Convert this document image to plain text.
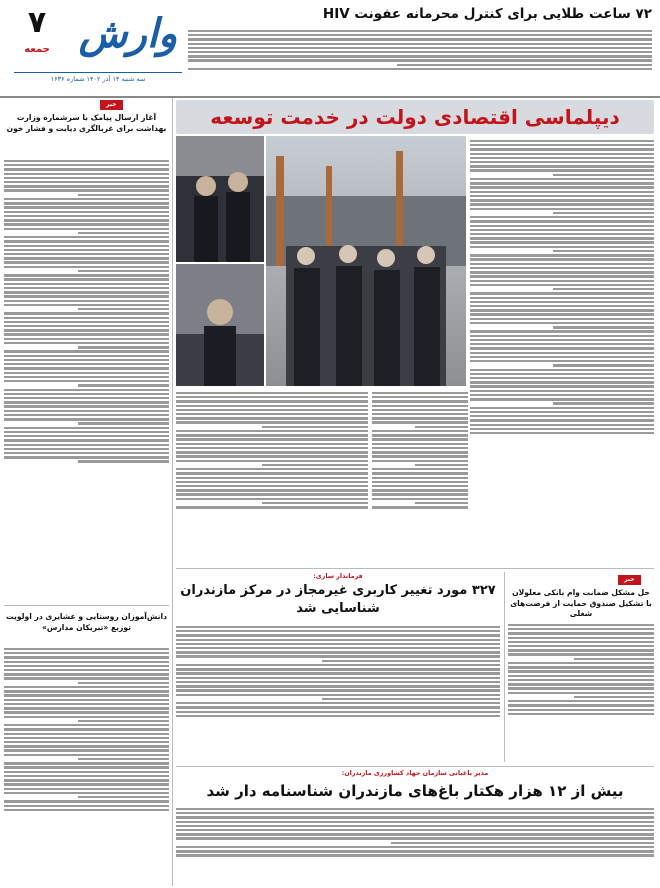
۷۲ ساعت طلایی برای کنترل محرمانه عفونت HIV
وارش
۷
جمعه
سه شنبه ۱۴ آذر ۱۴۰۲ شماره ۱۶۳۶
خبر
آغاز ارسال پیامک با سرشماره وزارت بهداشت برای غربالگری دیابت و فشار خون
دانش‌آموزان روستایی و عشایری در اولویت توزیع «تبریکان مدارس»
دیپلماسی اقتصادی دولت در خدمت توسعه
خبر
حل مشکل ضمانت وام بانکی معلولان با تشکیل صندوق حمایت از فرصت‌های شغلی
فرماندار ساری:
۳۲۷ مورد تغییر کاربری غیرمجاز در مرکز مازندران شناسایی شد
مدیر باغبانی سازمان جهاد کشاورزی مازندران:
بیش از ۱۲ هزار هکتار باغ‌های مازندران شناسنامه دار شد
